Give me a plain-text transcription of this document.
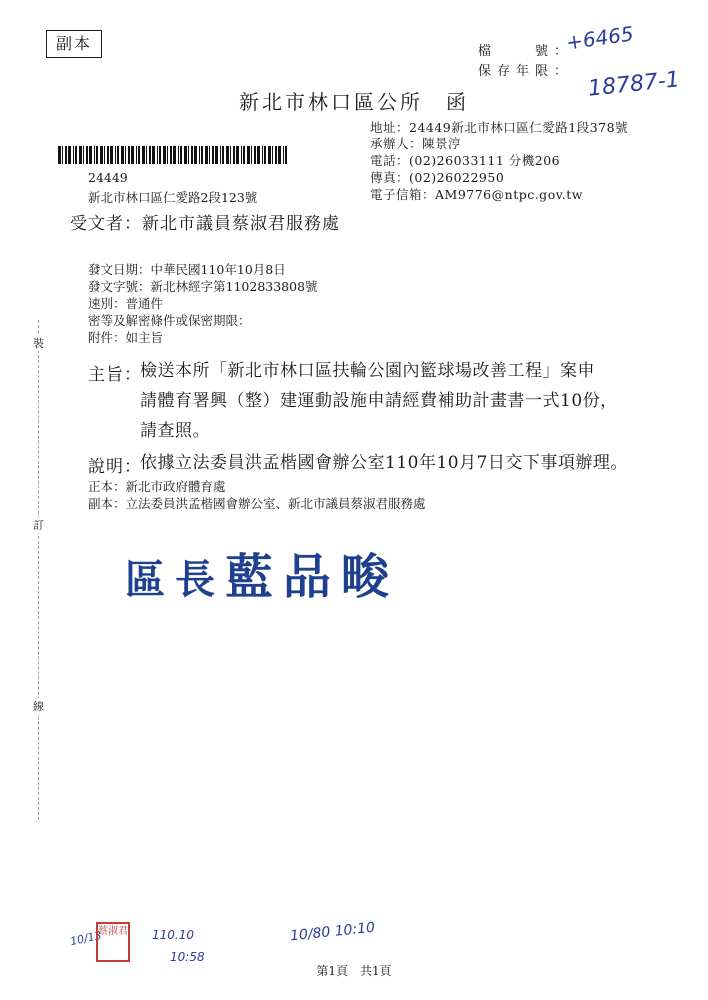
副本	檔　　號：
保存年限：
+6465
18787-1
新北市林口區公所　函
地址：24449新北市林口區仁愛路1段378號
承辦人：陳景涥
電話：(02)26033111 分機206
傳真：(02)26022950
電子信箱：AM9776@ntpc.gov.tw
24449
新北市林口區仁愛路2段123號
受文者：新北市議員蔡淑君服務處
發文日期：中華民國110年10月8日
發文字號：新北林經字第1102833808號
速別：普通件
密等及解密條件或保密期限：
附件：如主旨
裝
訂
線
主旨：
檢送本所「新北市林口區扶輪公園內籃球場改善工程」案申
請體育署興（整）建運動設施申請經費補助計畫書一式10份，
請查照。
說明：
依據立法委員洪孟楷國會辦公室110年10月7日交下事項辦理。
正本：新北市政府體育處
副本：立法委員洪孟楷國會辦公室、新北市議員蔡淑君服務處
區長藍品畯
10/13
蔡淑君 110.10
10:58
10/80 10:10
第1頁　共1頁
